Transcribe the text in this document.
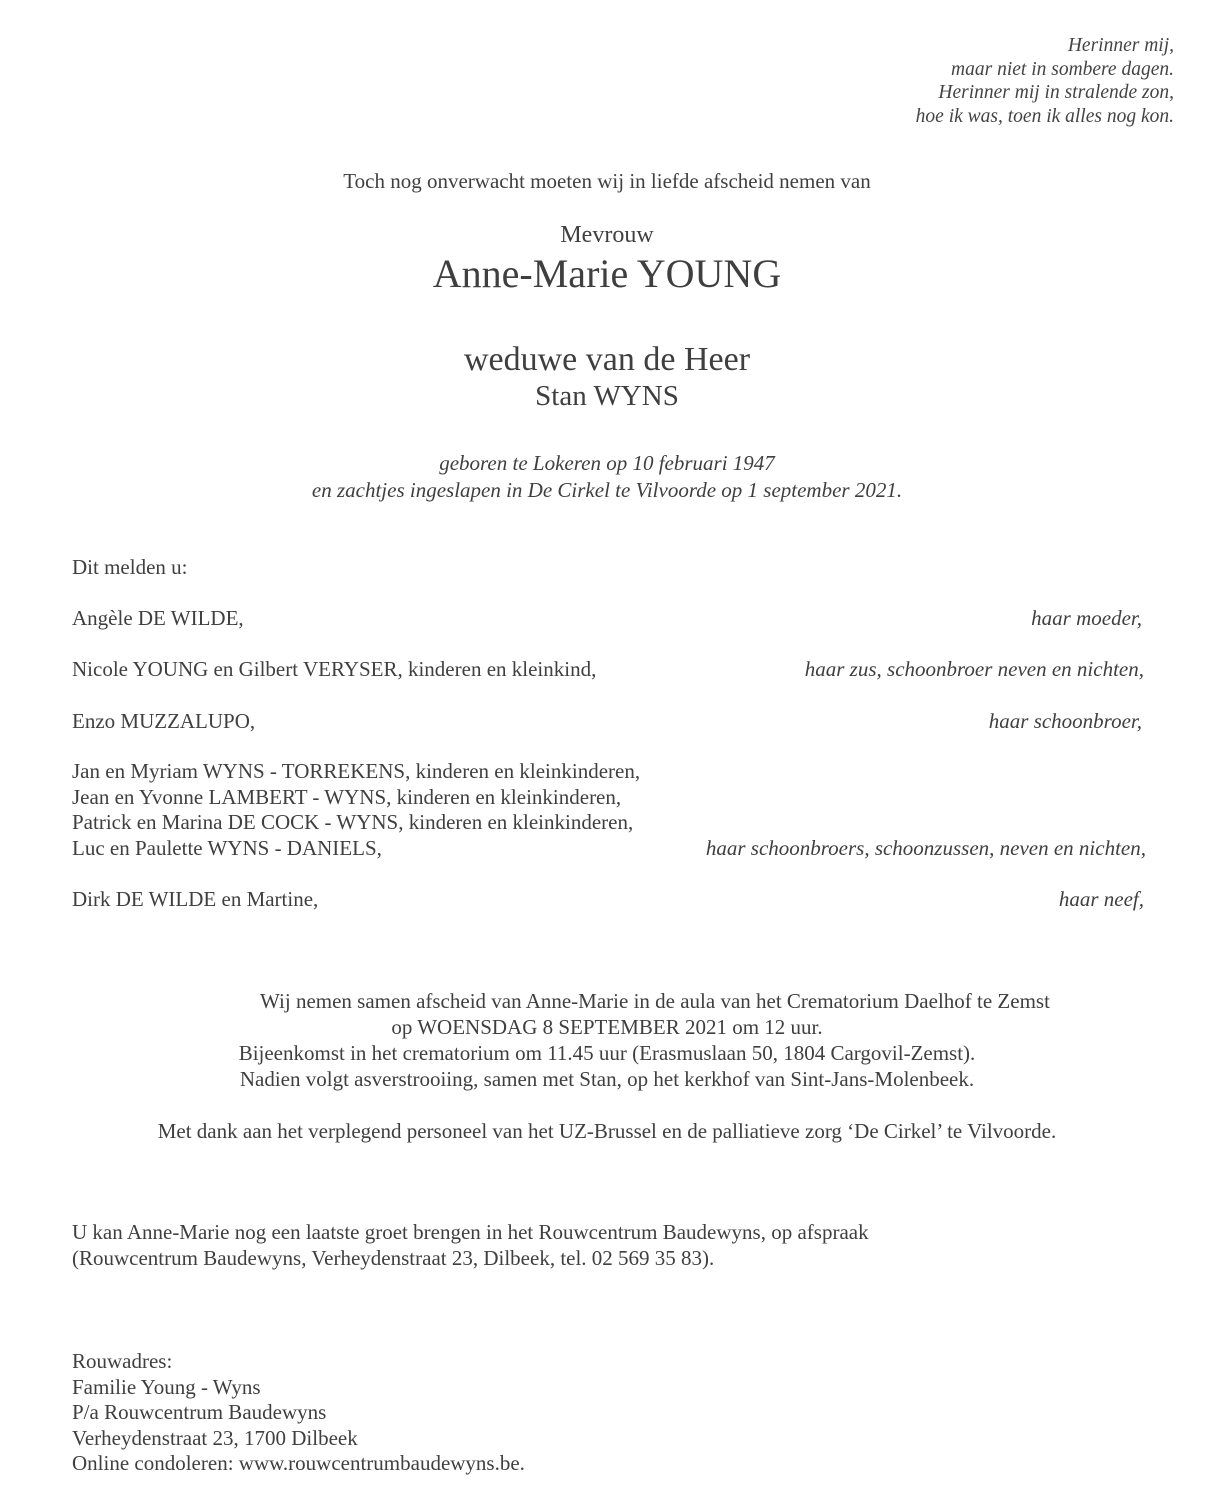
Herinner mij,
maar niet in sombere dagen.
Herinner mij in stralende zon,
hoe ik was, toen ik alles nog kon.
Toch nog onverwacht moeten wij in liefde afscheid nemen van
Mevrouw
Anne-Marie YOUNG
weduwe van de Heer
Stan WYNS
geboren te Lokeren op 10 februari 1947
en zachtjes ingeslapen in De Cirkel te Vilvoorde op 1 september 2021.
Dit melden u:
Angèle DE WILDE,	haar moeder,
Nicole YOUNG en Gilbert VERYSER, kinderen en kleinkind,	haar zus, schoonbroer neven en nichten,
Enzo MUZZALUPO,	haar schoonbroer,
Jan en Myriam WYNS - TORREKENS, kinderen en kleinkinderen,
Jean en Yvonne LAMBERT - WYNS, kinderen en kleinkinderen,
Patrick en Marina DE COCK - WYNS, kinderen en kleinkinderen,
Luc en Paulette WYNS - DANIELS,	haar schoonbroers, schoonzussen, neven en nichten,
Dirk DE WILDE en Martine,	haar neef,
Wij nemen samen afscheid van Anne-Marie in de aula van het Crematorium Daelhof te Zemst
op WOENSDAG 8 SEPTEMBER 2021 om 12 uur.
Bijeenkomst in het crematorium om 11.45 uur (Erasmuslaan 50, 1804 Cargovil-Zemst).
Nadien volgt asverstrooiing, samen met Stan, op het kerkhof van Sint-Jans-Molenbeek.
Met dank aan het verplegend personeel van het UZ-Brussel en de palliatieve zorg ‘De Cirkel’ te Vilvoorde.
U kan Anne-Marie nog een laatste groet brengen in het Rouwcentrum Baudewyns, op afspraak
(Rouwcentrum Baudewyns, Verheydenstraat 23, Dilbeek, tel. 02 569 35 83).
Rouwadres:
Familie Young - Wyns
P/a Rouwcentrum Baudewyns
Verheydenstraat 23, 1700 Dilbeek
Online condoleren: www.rouwcentrumbaudewyns.be.
